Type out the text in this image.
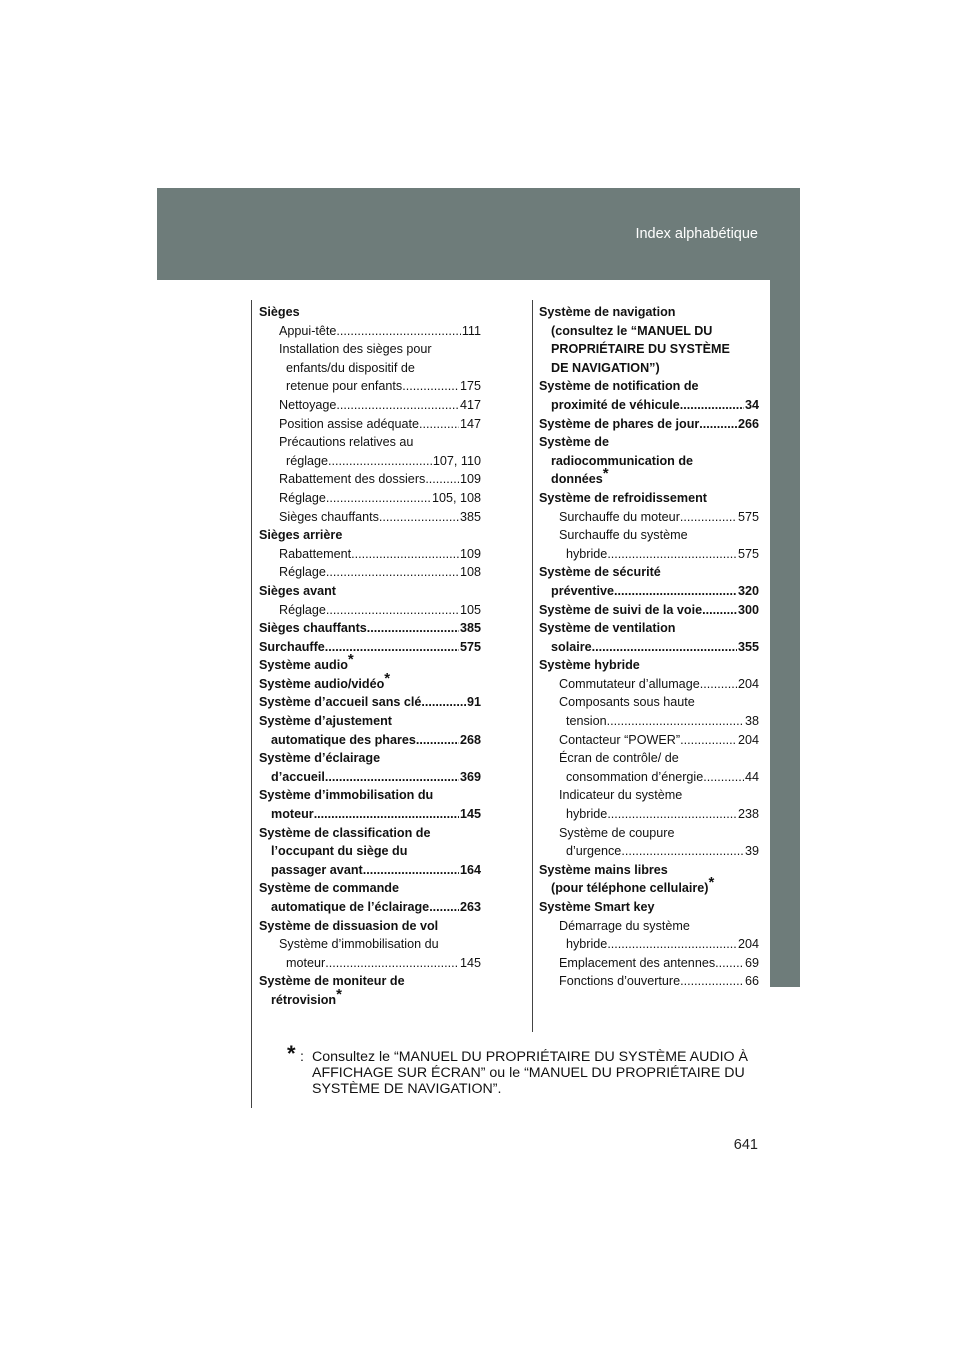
Index alphabétique
Sièges
Appui-tête .....	111
Installation des sièges pour
enfants/du dispositif de
retenue pour enfants .....	175
Nettoyage .....	417
Position assise adéquate .....	147
Précautions relatives au
réglage .....	107, 110
Rabattement des dossiers .....	109
Réglage .....	105, 108
Sièges chauffants .....	385
Sièges arrière
Rabattement .....	109
Réglage .....	108
Sièges avant
Réglage .....	105
Sièges chauffants .....	385
Surchauffe .....	575
Système audio*
Système audio/vidéo*
Système d’accueil sans clé .....	91
Système d’ajustement
automatique des phares .....	268
Système d’éclairage
d’accueil .....	369
Système d’immobilisation du
moteur .....	145
Système de classification de
l’occupant du siège du
passager avant .....	164
Système de commande
automatique de l’éclairage ..... 263
Système de dissuasion de vol
Système d’immobilisation du
moteur .....	145
Système de moniteur de
rétrovision*
Système de navigation
(consultez le “MANUEL DU
PROPRIÉTAIRE DU SYSTÈME
DE NAVIGATION”)
Système de notification de
proximité de véhicule .....	34
Système de phares de jour .....	266
Système de
radiocommunication de
données*
Système de refroidissement
Surchauffe du moteur .....	575
Surchauffe du système
hybride .....	575
Système de sécurité
préventive .....	320
Système de suivi de la voie .....	300
Système de ventilation
solaire .....	355
Système hybride
Commutateur d’allumage .....	204
Composants sous haute
tension .....	38
Contacteur “POWER” .....	204
Écran de contrôle/ de
consommation d’énergie .....	44
Indicateur du système
hybride .....	238
Système de coupure
d’urgence .....	39
Système mains libres
(pour téléphone cellulaire)*
Système Smart key
Démarrage du système
hybride .....	204
Emplacement des antennes ..... 69
Fonctions d’ouverture .....	66
* : Consultez le “MANUEL DU PROPRIÉTAIRE DU SYSTÈME AUDIO À AFFICHAGE SUR ÉCRAN” ou le “MANUEL DU PROPRIÉTAIRE DU SYSTÈME DE NAVIGATION”.
641
